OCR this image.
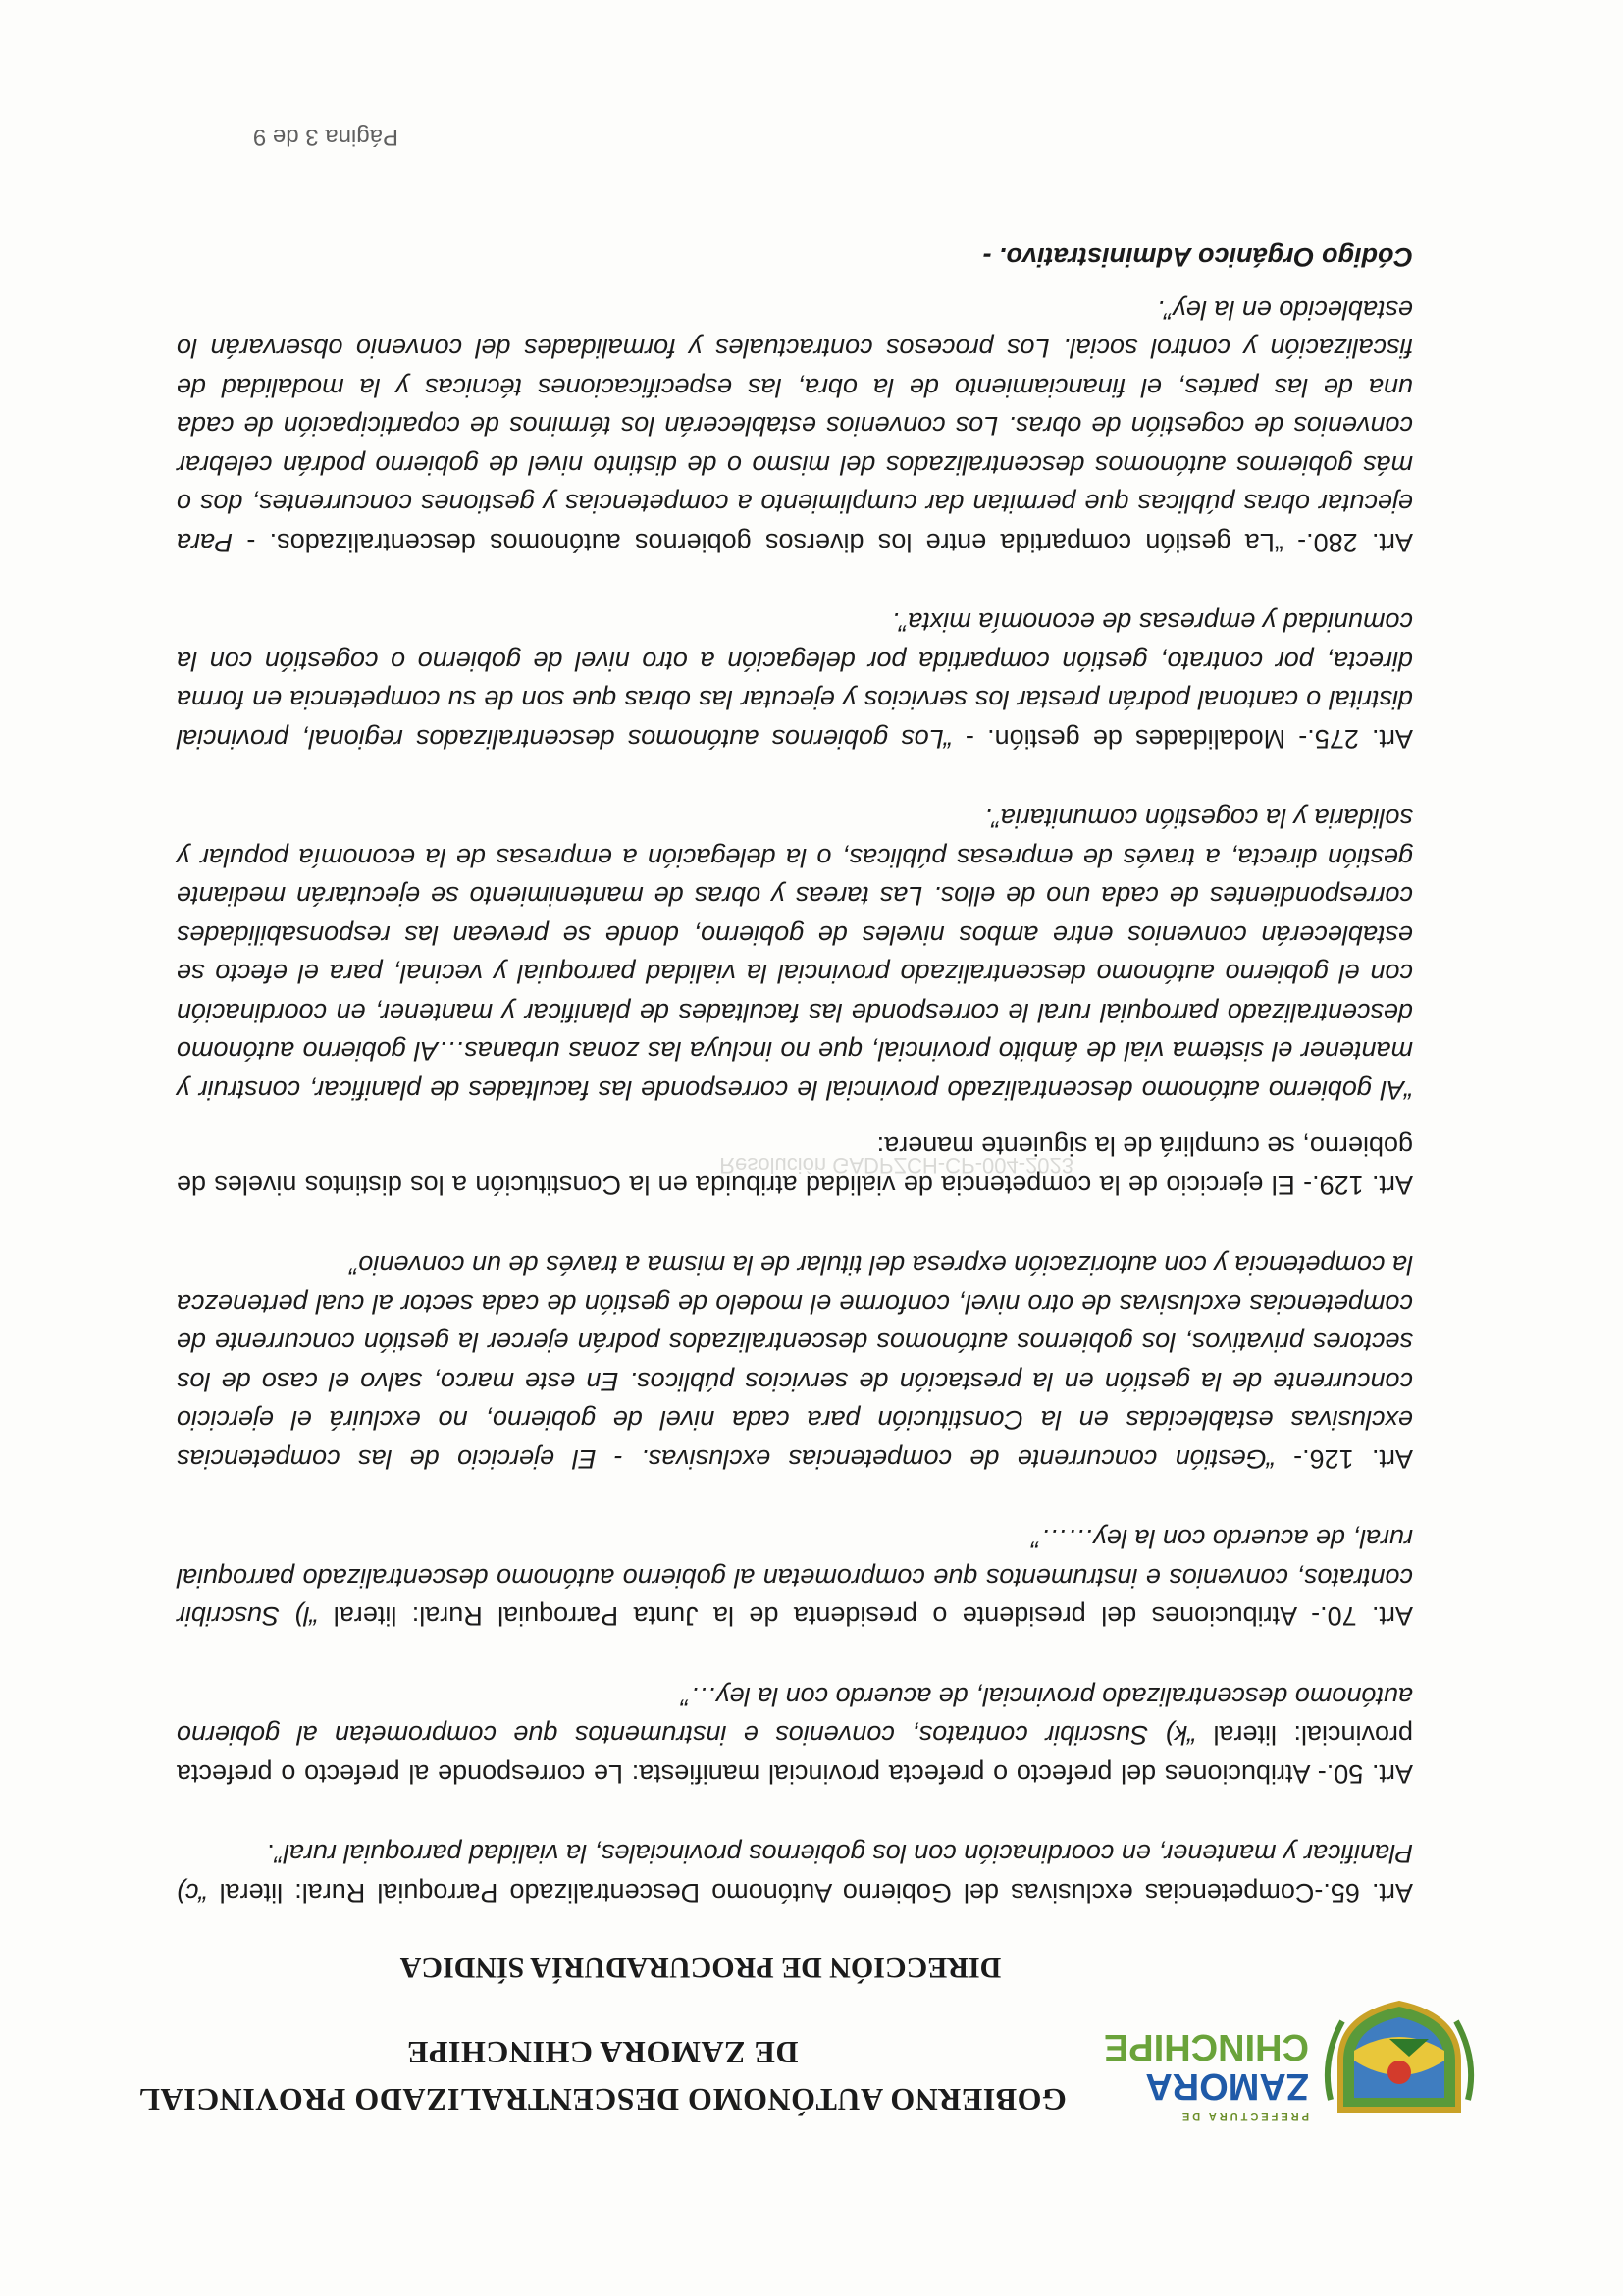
PREFECTURA DE
ZAMORA
CHINCHIPE
GOBIERNO AUTÓNOMO DESCENTRALIZADO PROVINCIAL
DE ZAMORA CHINCHIPE
DIRECCIÓN DE PROCURADURÍA SÍNDICA

Art. 65.-Competencias exclusivas del Gobierno Autónomo Descentralizado Parroquial Rural: literal “c) Planificar y mantener, en coordinación con los gobiernos provinciales, la vialidad parroquial rural”.

Art. 50.- Atribuciones del prefecto o prefecta provincial manifiesta: Le corresponde al prefecto o prefecta provincial: literal “k) Suscribir contratos, convenios e instrumentos que comprometan al gobierno autónomo descentralizado provincial, de acuerdo con la ley…”

Art. 70.- Atribuciones del presidente o presidenta de la Junta Parroquial Rural: literal “l) Suscribir contratos, convenios e instrumentos que comprometan al gobierno autónomo descentralizado parroquial rural, de acuerdo con la ley……”

Art. 126.- “Gestión concurrente de competencias exclusivas. - El ejercicio de las competencias exclusivas establecidas en la Constitución para cada nivel de gobierno, no excluirá el ejercicio concurrente de la gestión en la prestación de servicios públicos. En este marco, salvo el caso de los sectores privativos, los gobiernos autónomos descentralizados podrán ejercer la gestión concurrente de competencias exclusivas de otro nivel, conforme el modelo de gestión de cada sector al cual pertenezca la competencia y con autorización expresa del titular de la misma a través de un convenio”

Art. 129.- El ejercicio de la competencia de vialidad atribuida en la Constitución a los distintos niveles de gobierno, se cumplirá de la siguiente manera:

“Al gobierno autónomo descentralizado provincial le corresponde las facultades de planificar, construir y mantener el sistema vial de ámbito provincial, que no incluya las zonas urbanas…Al gobierno autónomo descentralizado parroquial rural le corresponde las facultades de planificar y mantener, en coordinación con el gobierno autónomo descentralizado provincial la vialidad parroquial y vecinal, para el efecto se establecerán convenios entre ambos niveles de gobierno, donde se prevean las responsabilidades correspondientes de cada uno de ellos. Las tareas y obras de mantenimiento se ejecutarán mediante gestión directa, a través de empresas públicas, o la delegación a empresas de la economía popular y solidaria y la cogestión comunitaria”.

Art. 275.- Modalidades de gestión. - “Los gobiernos autónomos descentralizados regional, provincial distrital o cantonal podrán prestar los servicios y ejecutar las obras que son de su competencia en forma directa, por contrato, gestión compartida por delegación a otro nivel de gobierno o cogestión con la comunidad y empresas de economía mixta”.

Art. 280.- “La gestión compartida entre los diversos gobiernos autónomos descentralizados. - Para ejecutar obras públicas que permitan dar cumplimiento a competencias y gestiones concurrentes, dos o más gobiernos autónomos descentralizados del mismo o de distinto nivel de gobierno podrán celebrar convenios de cogestión de obras. Los convenios establecerán los términos de coparticipación de cada una de las partes, el financiamiento de la obra, las especificaciones técnicas y la modalidad de fiscalización y control social. Los procesos contractuales y formalidades del convenio observarán lo establecido en la ley”.

Código Orgánico Administrativo. -

Resolución GADPZCH-CP-004-2023
Página 3 de 9
